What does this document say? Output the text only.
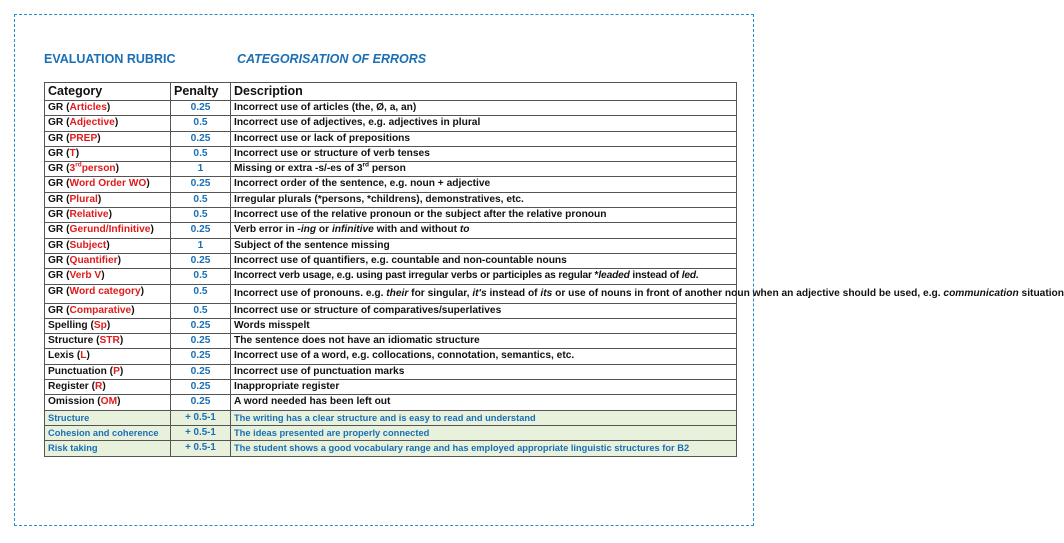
EVALUATION RUBRIC	CATEGORISATION OF ERRORS
Category	Penalty	Description
GR (Articles)	0.25	Incorrect use of articles (the, Ø, a, an)
GR (Adjective)	0.5	Incorrect use of adjectives, e.g. adjectives in plural
GR (PREP)	0.25	Incorrect use or lack of prepositions
GR (T)	0.5	Incorrect use or structure of verb tenses
GR (3rdperson)	1	Missing or extra -s/-es of 3rd person
GR (Word Order WO)	0.25	Incorrect order of the sentence, e.g. noun + adjective
GR (Plural)	0.5	Irregular plurals (*persons, *childrens), demonstratives, etc.
GR (Relative)	0.5	Incorrect use of the relative pronoun or the subject after the relative pronoun
GR (Gerund/Infinitive)	0.25	Verb error in -ing or infinitive with and without to
GR (Subject)	1	Subject of the sentence missing
GR (Quantifier)	0.25	Incorrect use of quantifiers, e.g. countable and non-countable nouns
GR (Verb V)	0.5	Incorrect verb usage, e.g. using past irregular verbs or participles as regular *leaded instead of led.
GR (Word category)	0.5	Incorrect use of pronouns. e.g. their for singular, it's instead of its or use of nouns in front of another noun when an adjective should be used, e.g. communication situation
GR (Comparative)	0.5	Incorrect use or structure of comparatives/superlatives
Spelling (Sp)	0.25	Words misspelt
Structure (STR)	0.25	The sentence does not have an idiomatic structure
Lexis (L)	0.25	Incorrect use of a word, e.g. collocations, connotation, semantics, etc.
Punctuation (P)	0.25	Incorrect use of punctuation marks
Register (R)	0.25	Inappropriate register
Omission (OM)	0.25	A word needed has been left out
Structure	+ 0.5-1	The writing has a clear structure and is easy to read and understand
Cohesion and coherence	+ 0.5-1	The ideas presented are properly connected
Risk taking	+ 0.5-1	The student shows a good vocabulary range and has employed appropriate linguistic structures for B2
